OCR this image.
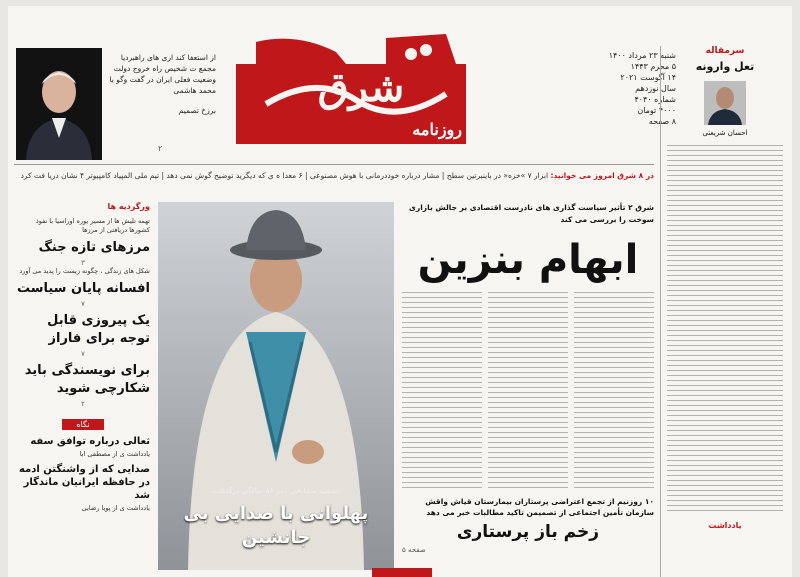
از استعفا کند اری های راهبردیا مجمع ت شخیص راه خروج دولت وضعیت فعلی ایران در گفت وگو با محمد هاشمی
برزخ تصمیم
۲
شرق
روزنامه
شنبه ۲۳ مرداد ۱۴۰۰
۵ محرم ۱۴۴۳
۱۴ آگوست ۲۰۲۱
سال نوزدهم
شماره ۴۰۴۰
۴۰۰۰ تومان
۸ صفحه
در ۸ شرق امروز می خوانید: ابزار ۷ »خزه« در باینبرتین سطح | مشار درباره خوددرمانی با هوش مصنوعی | ۶ معدا ه ی که دیگرید توضیح گوش نمی دهد | تیم ملی المپیاد کامپیوتر ۴ نشان دریا فت کرد
ورگردیه ها
تهمه تلیش ها از مسیر یوره اوراسیا با نفوذ کشورها دریافتی از مرزها
مرزهای تازه جنگ
۳
شکل های زندگی ، چگونه زیست را پدید می آورد
افسانه پایان سیاست
۷
یک پیروزی قابل توجه برای فاراز
۷
برای نویسندگی باید شکارچی شوید
۲
نگاه
ثعالی درباره توافق سفه
یادداشت ی از مصطفی ابا
صدایی که از واشنگتن ادمه در حافظه ایرانیان ماندگار شد
یادداشت ی از پویا رضایی
جمشید مشایخی ، در ۸۶ سالگی درگذشت
پهلوانی با صدایی بی جانشین
شرق ۲ تأثیر سیاست گذاری های نادرست اقتصادی بر جالش بازاری سوخت را بررسی می کند
ابهام بنزین
۱۰ روزنیم از تجمع اعتراضی پرستاران بیمارستان قیاش واقش سازمان تأمین اجتماعی از تصمیمن تاکید مطالبات خبر می دهد
زخم باز پرستاری
صفحه ۵
سرمقاله
تعل وارونه
احسان شریعتی
یادداشت
